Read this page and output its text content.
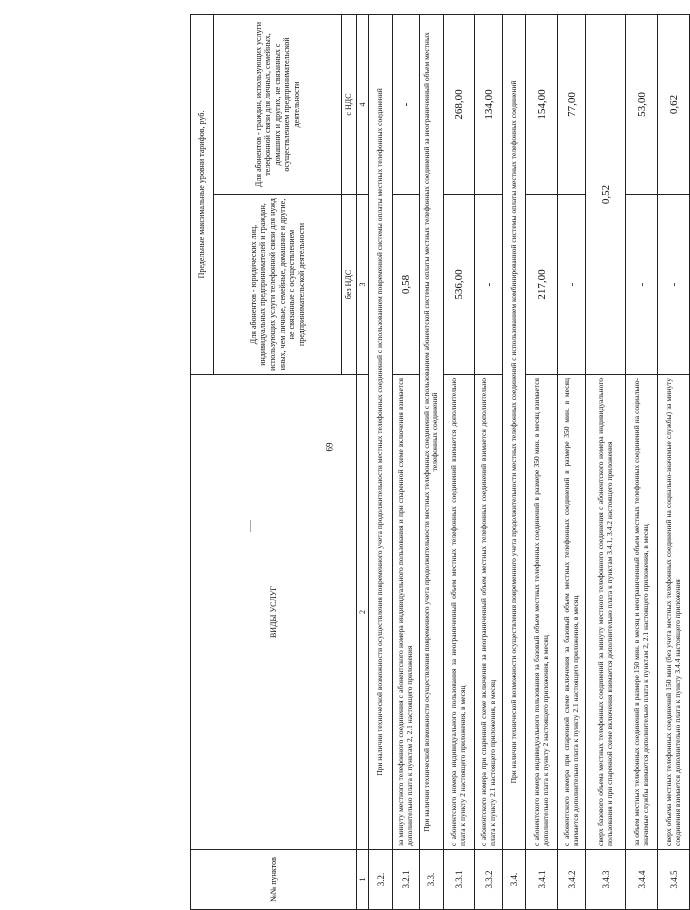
69
№№ пунктов	ВИДЫ УСЛУГ	Предельные максимальные уровни тарифов, руб.	
		Для абонентов - юридических лиц, индивидуальных предпринимателей и граждан, использующих услуги телефонной связи для нужд иных, чем личные, семейные, домашние и другие, не связанные с осуществлением предпринимательской деятельности	Для абонентов - граждан, использующих услуги телефонной связи для личных, семейных, домашних и других, не связанных с осуществлением предпринимательской деятельности
		без НДС	с НДС
1	2	3	4
3.2.	При наличии технической возможности осуществления повременного учета продолжительности местных телефонных соединений с использованием повременной системы оплаты местных телефонных соединений		
3.2.1	за минуту местного телефонного соединения с абонентского номера индивидуального пользования и при спаренной схеме включения взимается дополнительно плата к пунктам 2, 2.1 настоящего приложения	0,58	-
3.3.	При наличии технической возможности осуществления повременного учета продолжительности местных телефонных соединений с использованием абонентской системы оплаты местных телефонных соединений за неограниченный объем местных телефонных соединений		
3.3.1	с абонентского номера индивидуального пользования за неограниченный объем местных телефонных соединений взимается дополнительно плата к пункту 2 настоящего приложения, в месяц	536,00	268,00
3.3.2	с абонентского номера при спаренной схеме включения за неограниченный объем местных телефонных соединений взимается дополнительно плата к пункту 2.1 настоящего приложения, в месяц	-	134,00
3.4.	При наличии технической возможности осуществления повременного учета продолжительности местных телефонных соединений с использованием комбинированной системы оплаты местных телефонных соединений		
3.4.1	с абонентского номера индивидуального пользования за базовый объем местных телефонных соединений в размере 350 мин. в месяц взимается дополнительно плата к пункту 2 настоящего приложения, в месяц	217,00	154,00
3.4.2	с абонентского номера при спаренной схеме включения за базовый объем местных телефонных соединений в размере 350 мин. в месяц взимается дополнительно плата к пункту 2.1 настоящего приложения, в месяц	-	77,00
3.4.3	сверх базового объема местных телефонных соединений за минуту местного телефонного соединения с абонентского номера индивидуального пользования и при спаренной схеме включения взимается дополнительно плата к пунктам 3.4.1, 3.4.2 настоящего приложения	0,52	
3.4.4	за объем местных телефонных соединений в размере 150 мин. в месяц и неограниченный объем местных телефонных соединений на социально-значимые службы взимается дополнительно плата к пунктам 2, 2.1 настоящего приложения, в месяц	-	53,00
3.4.5	сверх объема местных телефонных соединений 150 мин (без учета местных телефонных соединений на социально-значимые службы) за минуту соединения взимается дополнительно плата к пункту 3.4.4 настоящего приложения	-	0,62
